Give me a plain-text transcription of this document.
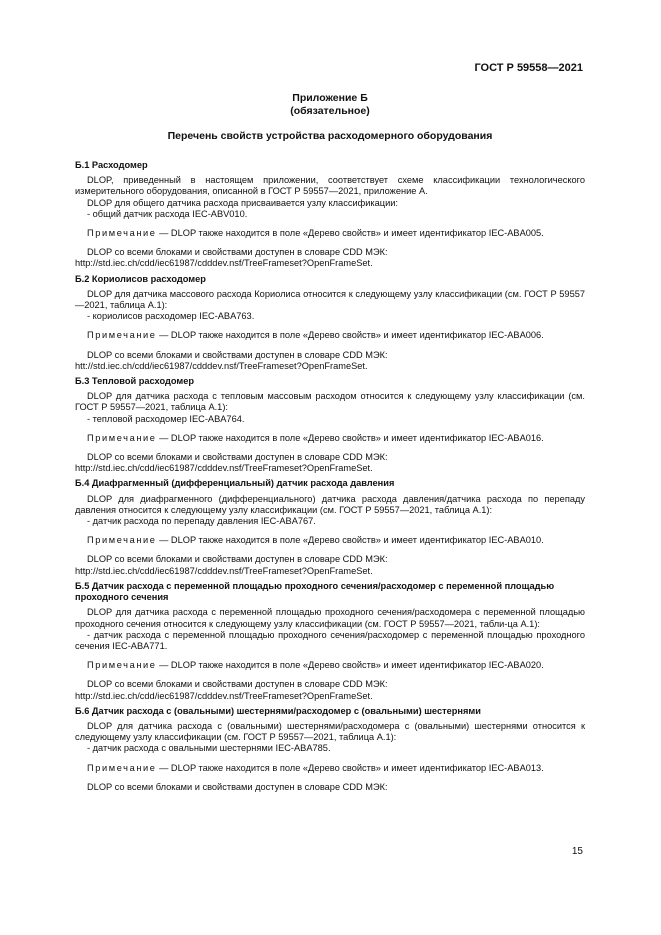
ГОСТ Р 59558—2021
Приложение Б
(обязательное)
Перечень свойств устройства расходомерного оборудования

Б.1 Расходомер

DLOP, приведенный в настоящем приложении, соответствует схеме классификации технологического измерительного оборудования, описанной в ГОСТ Р 59557—2021, приложение А.

DLOP для общего датчика расхода присваивается узлу классификации:

- общий датчик расхода IEC-ABV010.

Примечание — DLOP также находится в поле «Дерево свойств» и имеет идентификатор IEC-ABA005.

DLOP со всеми блоками и свойствами доступен в словаре CDD МЭК:

http://std.iec.ch/cdd/iec61987/cdddev.nsf/TreeFrameset?OpenFrameSet.

Б.2 Кориолисов расходомер

DLOP для датчика массового расхода Кориолиса относится к следующему узлу классификации (см. ГОСТ Р 59557—2021, таблица А.1):

- кориолисов расходомер IEC-ABA763.

Примечание — DLOP также находится в поле «Дерево свойств» и имеет идентификатор IEC-ABA006.

DLOP со всеми блоками и свойствами доступен в словаре CDD МЭК:

htt://std.iec.ch/cdd/iec61987/cdddev.nsf/TreeFrameset?OpenFrameSet.

Б.3 Тепловой расходомер

DLOP для датчика расхода с тепловым массовым расходом относится к следующему узлу классификации (см. ГОСТ Р 59557—2021, таблица А.1):

- тепловой расходомер IEC-ABA764.

Примечание — DLOP также находится в поле «Дерево свойств» и имеет идентификатор IEC-ABA016.

DLOP со всеми блоками и свойствами доступен в словаре CDD МЭК:

http://std.iec.ch/cdd/iec61987/cdddev.nsf/TreeFrameset?OpenFrameSet.

Б.4 Диафрагменный (дифференциальный) датчик расхода давления

DLOP для диафрагменного (дифференциального) датчика расхода давления/датчика расхода по перепаду давления относится к следующему узлу классификации (см. ГОСТ Р 59557—2021, таблица А.1):

- датчик расхода по перепаду давления IEC-ABA767.

Примечание — DLOP также находится в поле «Дерево свойств» и имеет идентификатор IEC-ABA010.

DLOP со всеми блоками и свойствами доступен в словаре CDD МЭК:

http://std.iec.ch/cdd/iec61987/cdddev.nsf/TreeFrameset?OpenFrameSet.

Б.5 Датчик расхода с переменной площадью проходного сечения/расходомер с переменной площадью проходного сечения

DLOP для датчика расхода с переменной площадью проходного сечения/расходомера с переменной площадью проходного сечения относится к следующему узлу классификации (см. ГОСТ Р 59557—2021, табли-ца А.1):

- датчик расхода с переменной площадью проходного сечения/расходомер с переменной площадью проходного сечения IEC-ABA771.

Примечание — DLOP также находится в поле «Дерево свойств» и имеет идентификатор IEC-ABA020.

DLOP со всеми блоками и свойствами доступен в словаре CDD МЭК:

http://std.iec.ch/cdd/iec61987/cdddev.nsf/TreeFrameset?OpenFrameSet.

Б.6 Датчик расхода с (овальными) шестернями/расходомер с (овальными) шестернями

DLOP для датчика расхода с (овальными) шестернями/расходомера с (овальными) шестернями относится к следующему узлу классификации (см. ГОСТ Р 59557—2021, таблица А.1):

- датчик расхода с овальными шестернями IEC-ABA785.

Примечание — DLOP также находится в поле «Дерево свойств» и имеет идентификатор IEC-ABA013.

DLOP со всеми блоками и свойствами доступен в словаре CDD МЭК:

15
